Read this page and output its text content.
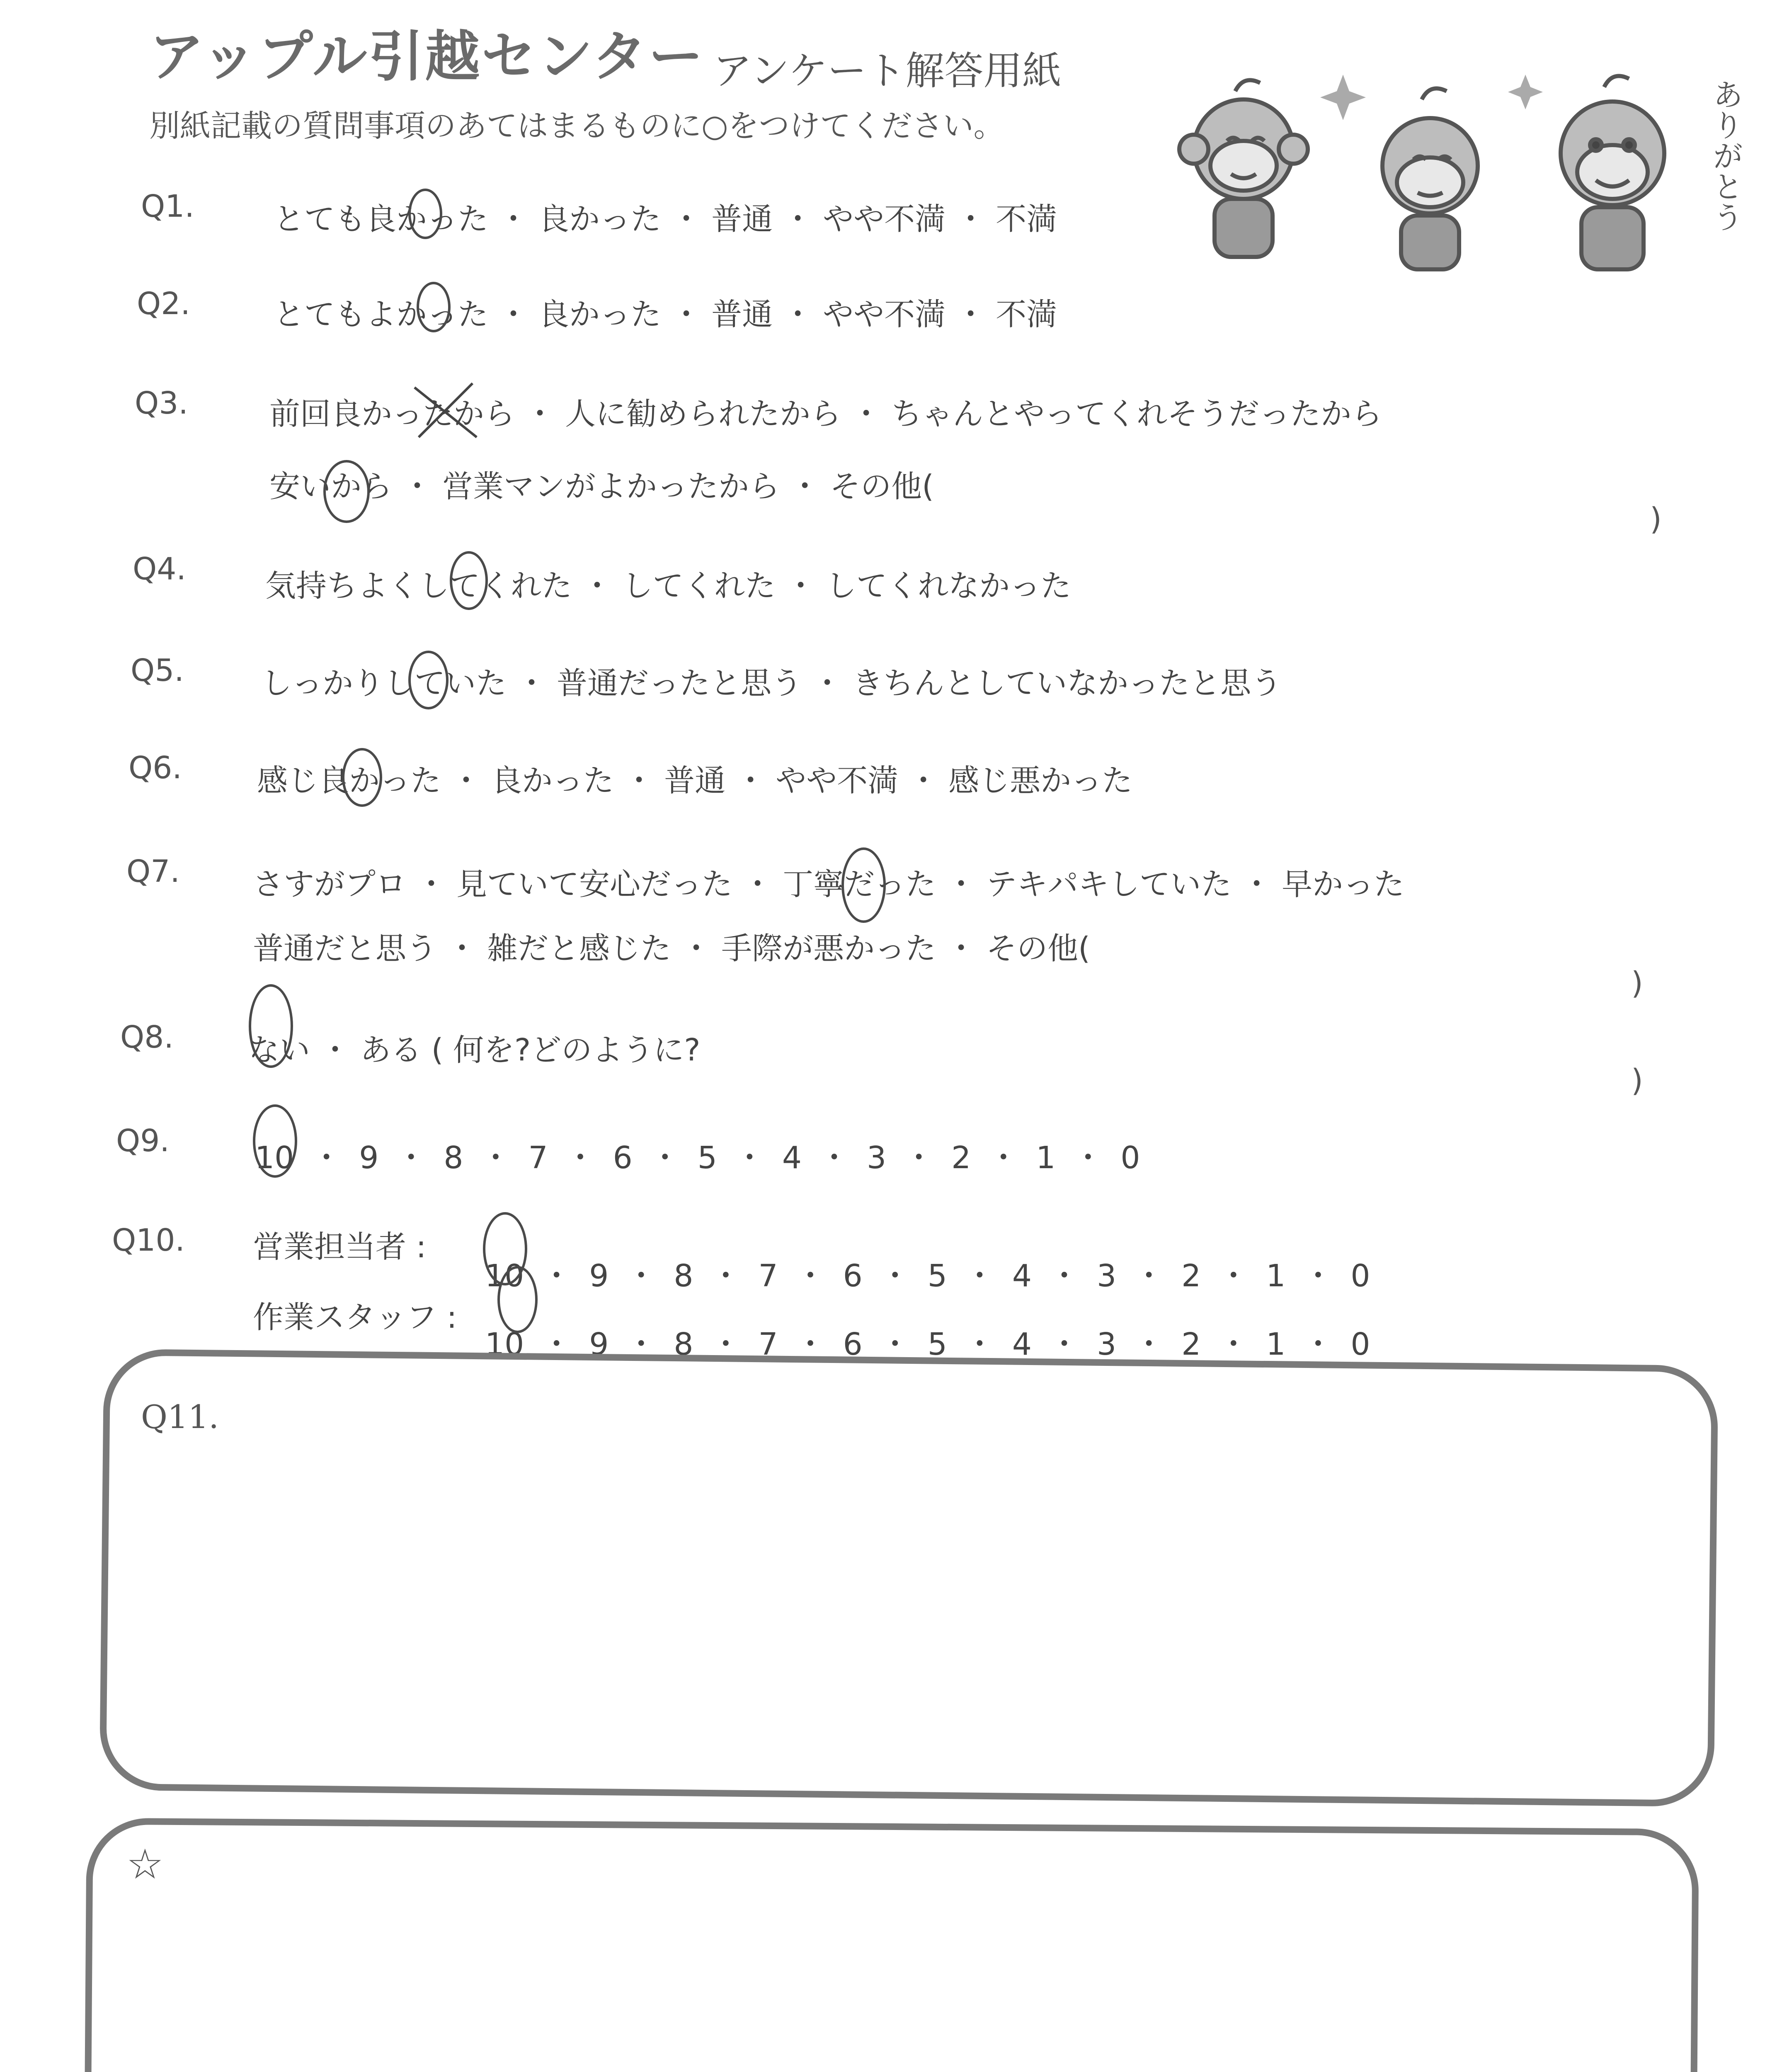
アップル引越センター アンケート解答用紙
別紙記載の質問事項のあてはまるものに○をつけてください。	ありがとう
Q1.	とても良かった ・ 良かった ・ 普通 ・ やや不満 ・ 不満
Q2.	とてもよかった ・ 良かった ・ 普通 ・ やや不満 ・ 不満
Q3.	前回良かったから ・ 人に勧められたから ・ ちゃんとやってくれそうだったから
安いから ・ 営業マンがよかったから ・ その他(
)
Q4.	気持ちよくしてくれた ・ してくれた ・ してくれなかった
Q5.	しっかりしていた ・ 普通だったと思う ・ きちんとしていなかったと思う
Q6. 感じ良かった ・ 良かった ・ 普通 ・ やや不満 ・ 感じ悪かった
Q7. さすがプロ ・ 見ていて安心だった ・ 丁寧だった ・ テキパキしていた ・ 早かった
普通だと思う ・ 雑だと感じた ・ 手際が悪かった ・ その他(
)
Q8. ない ・ ある ( 何を?どのように?
)
Q9.	10 ・ 9 ・ 8 ・ 7 ・ 6 ・ 5 ・ 4 ・ 3 ・ 2 ・ 1 ・ 0
Q10. 営業担当者 :
10 ・ 9 ・ 8 ・ 7 ・ 6 ・ 5 ・ 4 ・ 3 ・ 2 ・ 1 ・ 0
作業スタッフ :
10 ・ 9 ・ 8 ・ 7 ・ 6 ・ 5 ・ 4 ・ 3 ・ 2 ・ 1 ・ 0
Q11.
☆
